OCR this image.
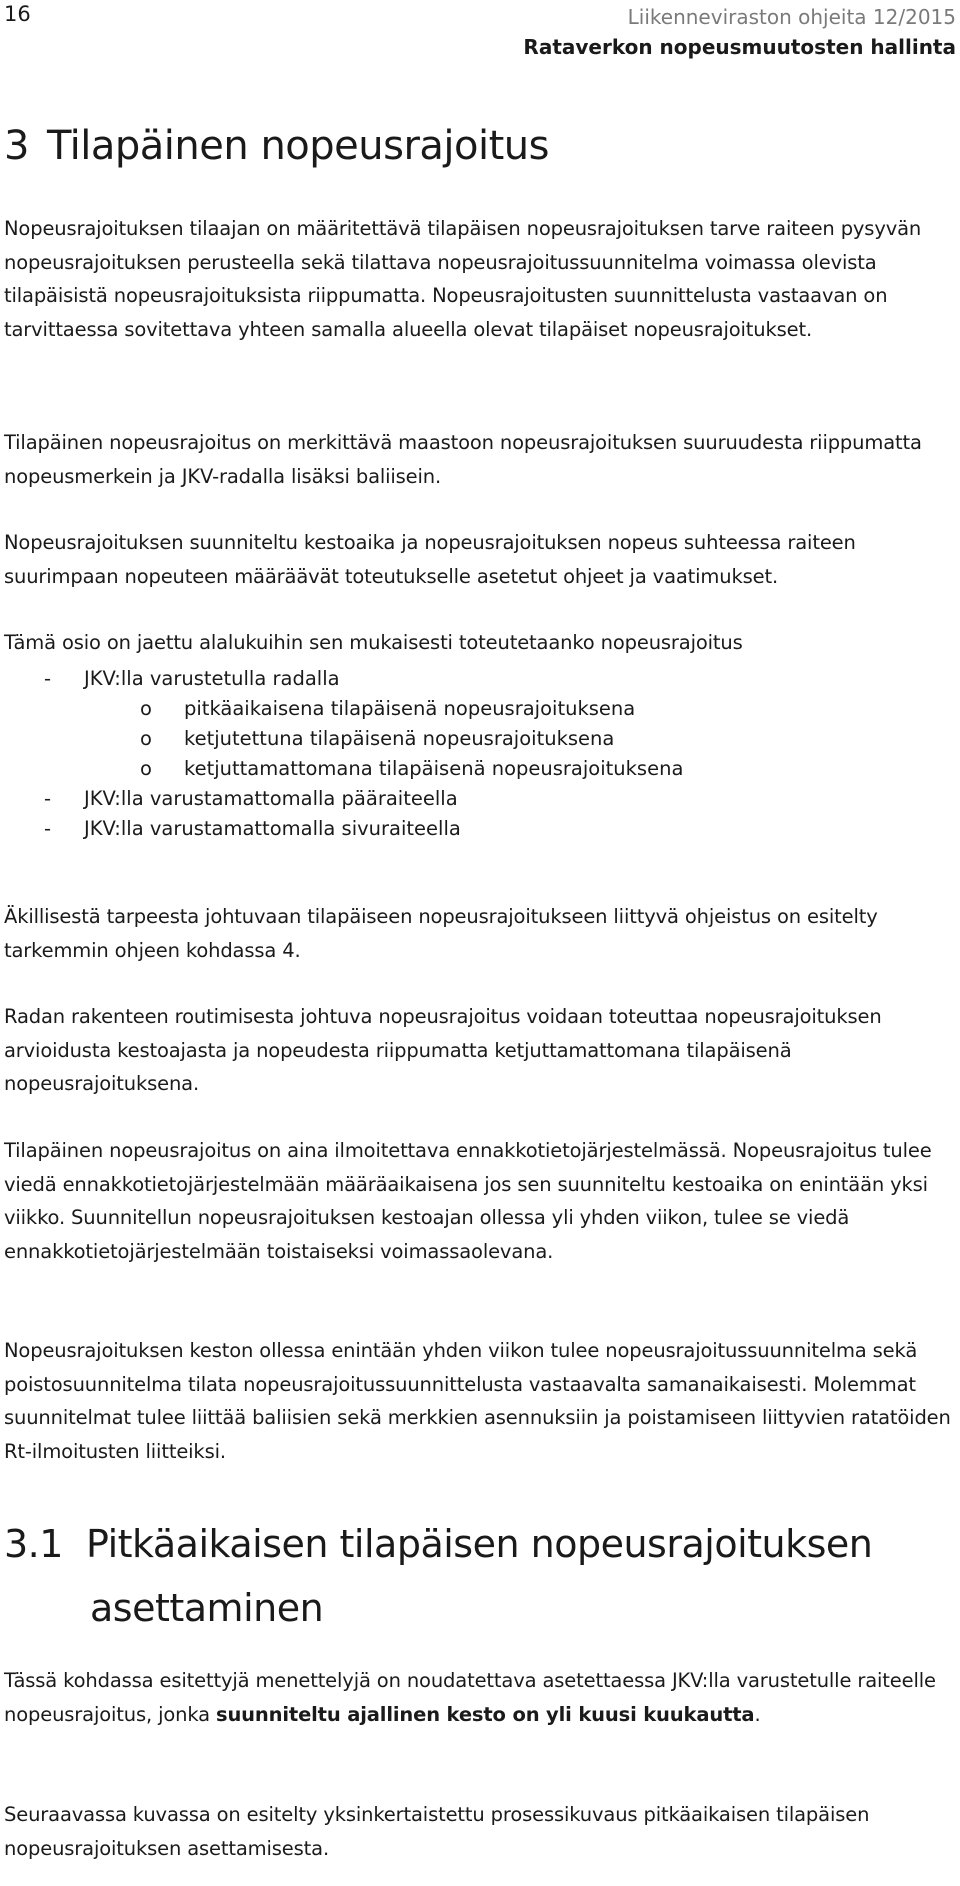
16	Liikenneviraston ohjeita 12/2015
Rataverkon nopeusmuutosten hallinta
3 Tilapäinen nopeusrajoitus

Nopeusrajoituksen tilaajan on määritettävä tilapäisen nopeusrajoituksen tarve raiteen pysyvän nopeusrajoituksen perusteella sekä tilattava nopeusrajoitussuunnitelma voimassa olevista tilapäisistä nopeusrajoituksista riippumatta. Nopeusrajoitusten suunnittelusta vastaavan on tarvittaessa sovitettava yhteen samalla alueella olevat tilapäiset nopeusrajoitukset.

Tilapäinen nopeusrajoitus on merkittävä maastoon nopeusrajoituksen suuruudesta riippumatta nopeusmerkein ja JKV-radalla lisäksi baliisein.

Nopeusrajoituksen suunniteltu kestoaika ja nopeusrajoituksen nopeus suhteessa raiteen suurimpaan nopeuteen määräävät toteutukselle asetetut ohjeet ja vaatimukset.

Tämä osio on jaettu alalukuihin sen mukaisesti toteutetaanko nopeusrajoitus

- JKV:lla varustetulla radalla
o pitkäaikaisena tilapäisenä nopeusrajoituksena
o ketjutettuna tilapäisenä nopeusrajoituksena
o ketjuttamattomana tilapäisenä nopeusrajoituksena
- JKV:lla varustamattomalla pääraiteella
- JKV:lla varustamattomalla sivuraiteella

Äkillisestä tarpeesta johtuvaan tilapäiseen nopeusrajoitukseen liittyvä ohjeistus on esitelty tarkemmin ohjeen kohdassa 4.

Radan rakenteen routimisesta johtuva nopeusrajoitus voidaan toteuttaa nopeusrajoituksen arvioidusta kestoajasta ja nopeudesta riippumatta ketjuttamattomana tilapäisenä nopeusrajoituksena.

Tilapäinen nopeusrajoitus on aina ilmoitettava ennakkotietojärjestelmässä. Nopeusrajoitus tulee viedä ennakkotietojärjestelmään määräaikaisena jos sen suunniteltu kestoaika on enintään yksi viikko. Suunnitellun nopeusrajoituksen kestoajan ollessa yli yhden viikon, tulee se viedä ennakkotietojärjestelmään toistaiseksi voimassaolevana.

Nopeusrajoituksen keston ollessa enintään yhden viikon tulee nopeusrajoitussuunnitelma sekä poistosuunnitelma tilata nopeusrajoitussuunnittelusta vastaavalta samanaikaisesti. Molemmat suunnitelmat tulee liittää baliisien sekä merkkien asennuksiin ja poistamiseen liittyvien ratatöiden Rt-ilmoitusten liitteiksi.

3.1 Pitkäaikaisen tilapäisen nopeusrajoituksen
asettaminen

Tässä kohdassa esitettyjä menettelyjä on noudatettava asetettaessa JKV:lla varustetulle raiteelle nopeusrajoitus, jonka suunniteltu ajallinen kesto on yli kuusi kuukautta.

Seuraavassa kuvassa on esitelty yksinkertaistettu prosessikuvaus pitkäaikaisen tilapäisen nopeusrajoituksen asettamisesta.
